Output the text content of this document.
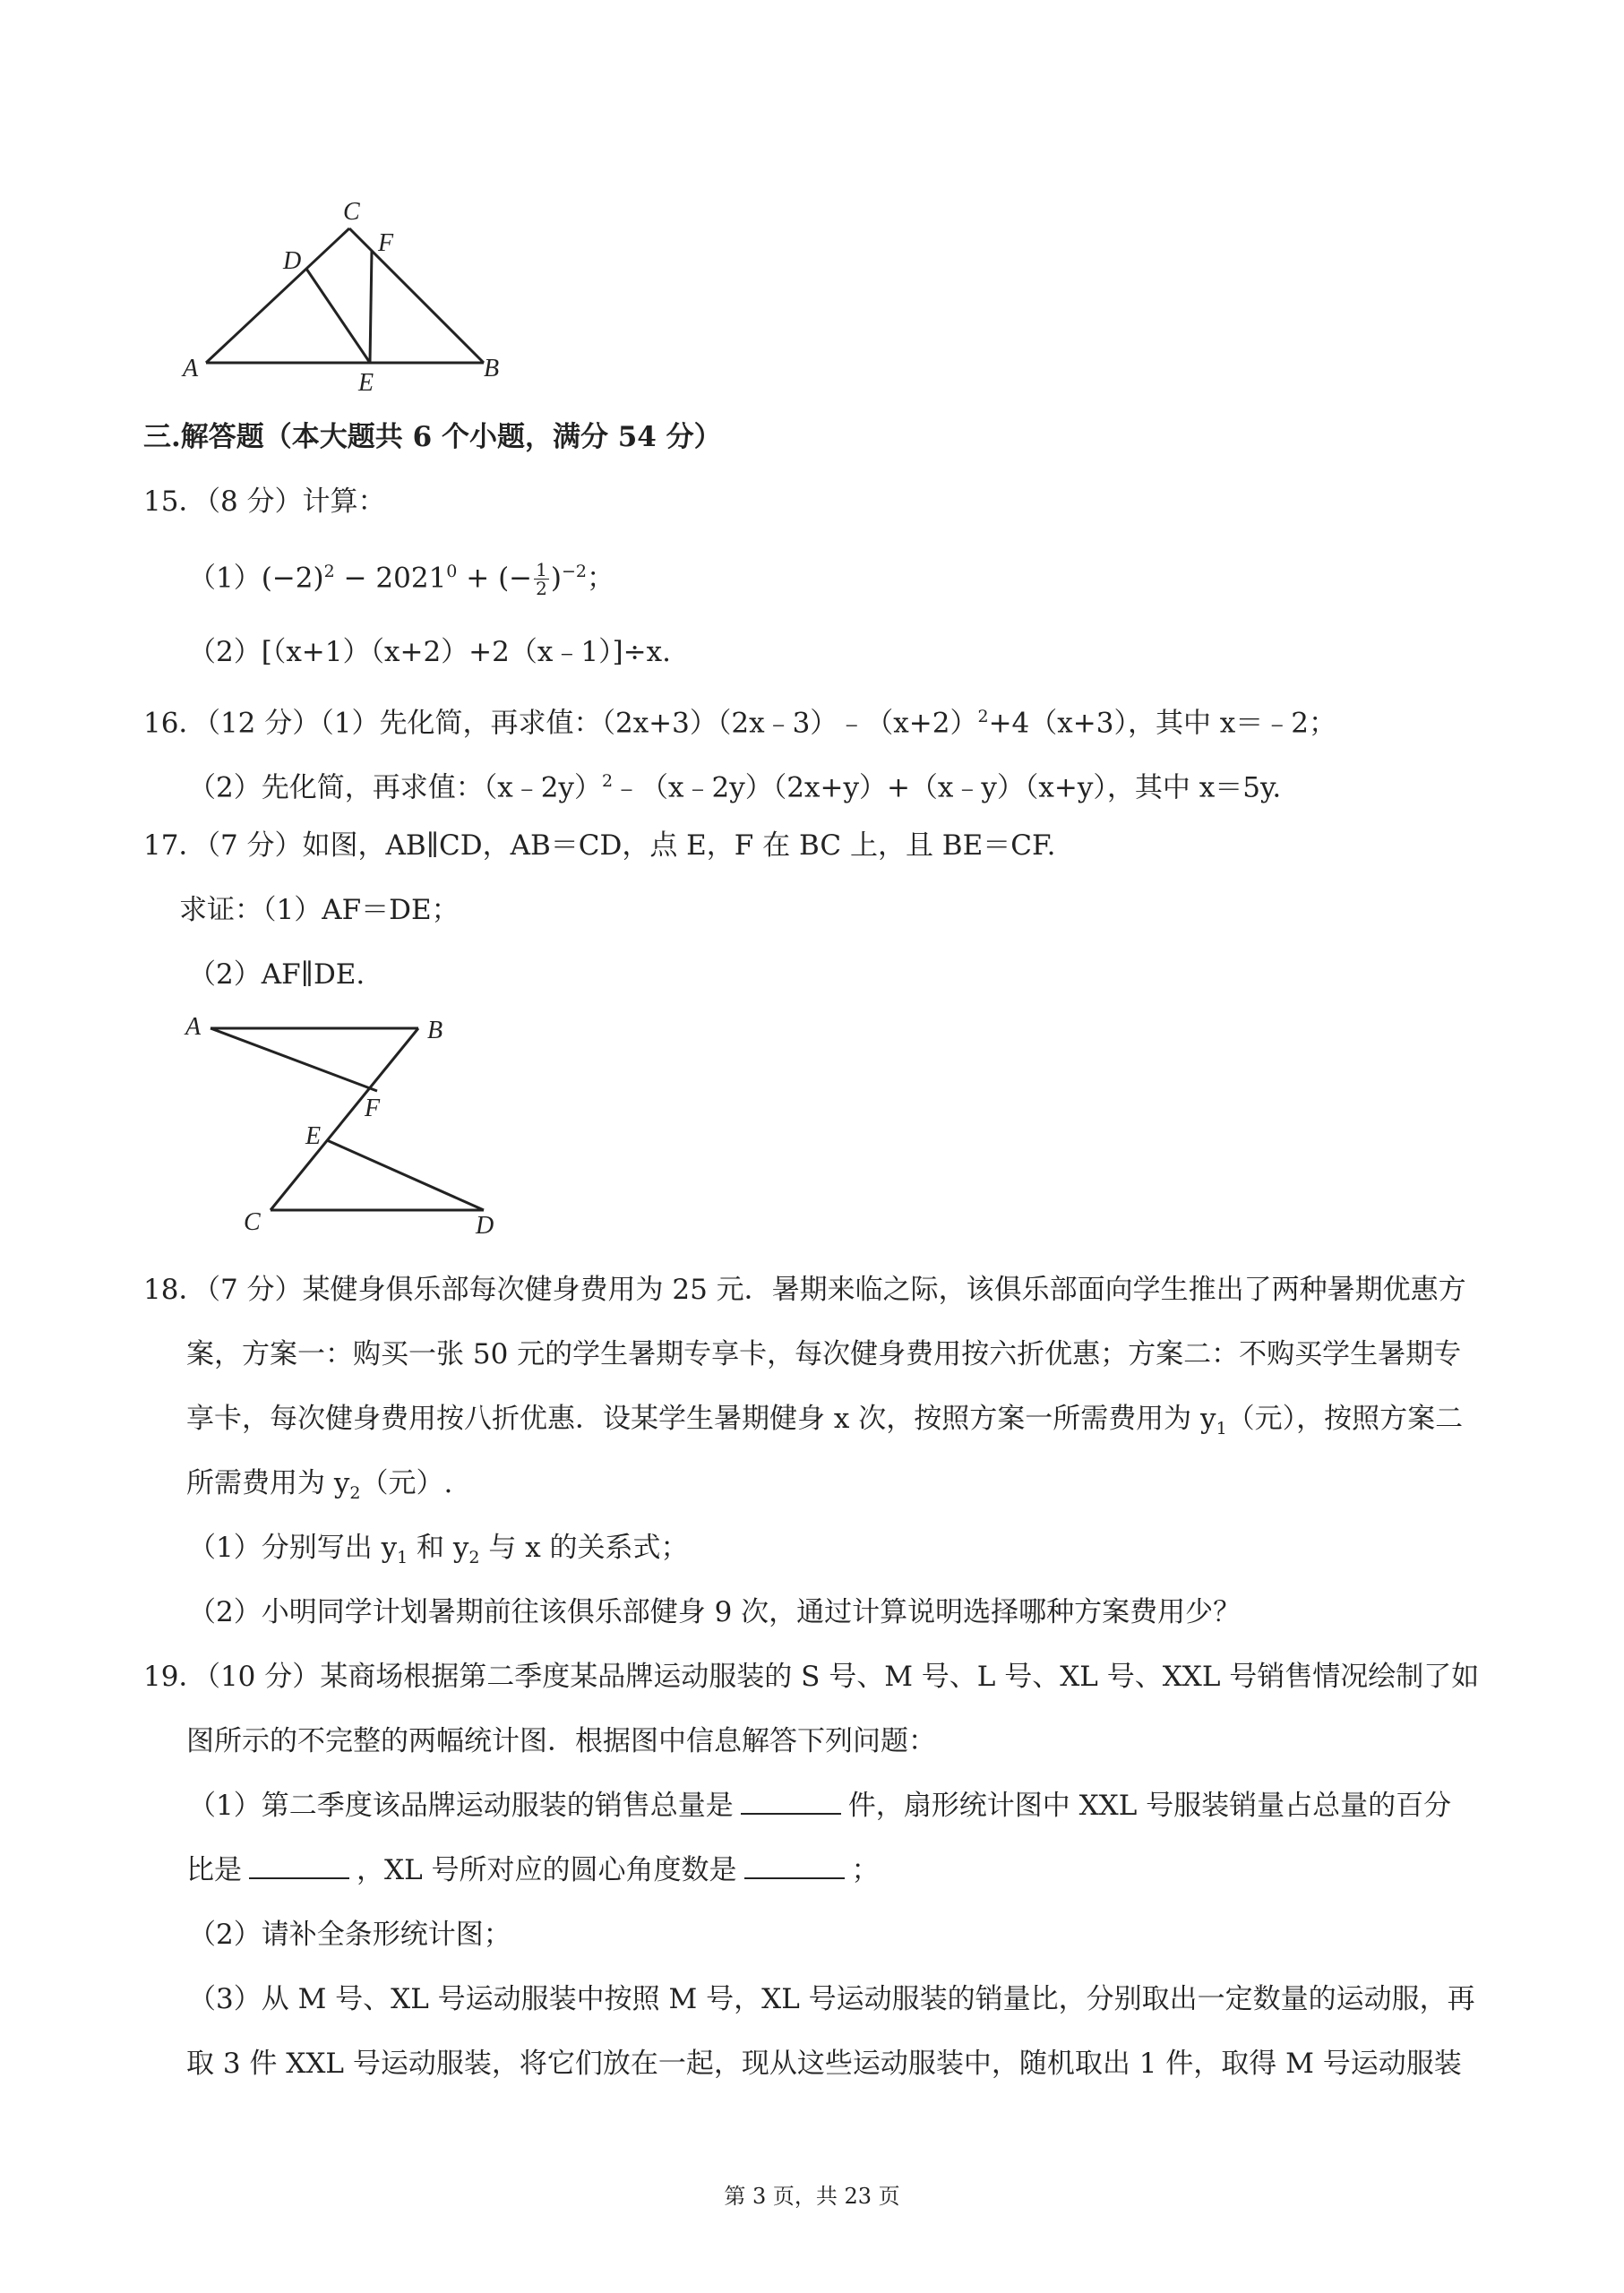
A
C
D
F
B
E
三.解答题（本大题共 6 个小题，满分 54 分）
15．（8 分）计算：
$(1)(-2)^2 - 2021^0$ + (− $\frac{1}{2} )^{-2}$；
（2）[（x+1）（x+2）+2（x﹣1）]÷x.
16．（12 分）（1）先化简，再求值：$(2x+3)(2x﹣3)﹣(x+2)^2+4(x+3)$，其中 x＝﹣2；
（2）先化简，再求值：（x﹣2y）$^2$﹣（x﹣2y）（2x+y）+（x﹣y）（x+y），其中 x＝5y.
17．（7 分）如图，AB∥CD，AB＝CD，点 E，F 在 BC 上，且 BE＝CF.
求证：（1）AF＝DE；
（2）AF∥DE.
A	B
F
E
C	D
18．（7 分）某健身俱乐部每次健身费用为 25 元．暑期来临之际，该俱乐部面向学生推出了两种暑期优惠方
案，方案一：购买一张 50 元的学生暑期专享卡，每次健身费用按六折优惠；方案二：不购买学生暑期专
享卡，每次健身费用按八折优惠．设某学生暑期健身 x 次，按照方案一所需费用为 $y_1$（元），按照方案二
所需费用为 $y_2$（元）.
（1）分别写出 $y_1$ 和 $y_2$ 与 x 的关系式；
（2）小明同学计划暑期前往该俱乐部健身 9 次，通过计算说明选择哪种方案费用少？
19．（10 分）某商场根据第二季度某品牌运动服装的 S 号、M 号、L 号、XL 号、XXL 号销售情况绘制了如
图所示的不完整的两幅统计图．根据图中信息解答下列问题：
（1）第二季度该品牌运动服装的销售总量是	件，扇形统计图中 XXL 号服装销量占总量的百分
比是	，XL 号所对应的圆心角度数是	；
（2）请补全条形统计图；
（3）从 M 号、XL 号运动服装中按照 M 号，XL 号运动服装的销量比，分别取出一定数量的运动服，再
取 3 件 XXL 号运动服装，将它们放在一起，现从这些运动服装中，随机取出 1 件，取得 M 号运动服装
第 3 页，共 23 页
